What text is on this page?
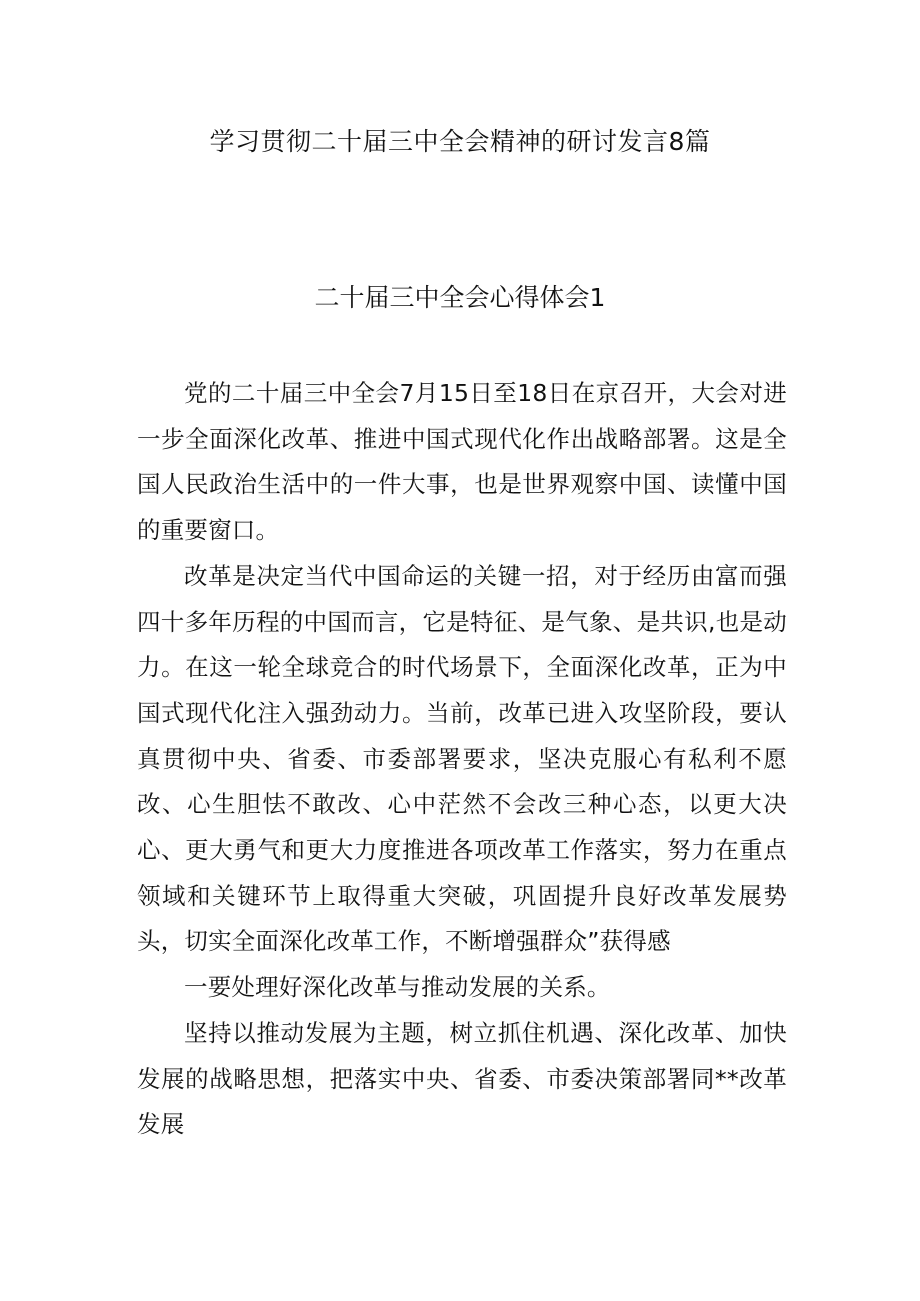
学习贯彻二十届三中全会精神的研讨发言8篇
二十届三中全会心得体会1

党的二十届三中全会7月15日至18日在京召开，大会对进一步全面深化改革、推进中国式现代化作出战略部署。这是全国人民政治生活中的一件大事，也是世界观察中国、读懂中国的重要窗口。

改革是决定当代中国命运的关键一招，对于经历由富而强四十多年历程的中国而言，它是特征、是气象、是共识,也是动力。在这一轮全球竞合的时代场景下，全面深化改革，正为中国式现代化注入强劲动力。当前，改革已进入攻坚阶段，要认真贯彻中央、省委、市委部署要求，坚决克服心有私利不愿改、心生胆怯不敢改、心中茫然不会改三种心态，以更大决心、更大勇气和更大力度推进各项改革工作落实，努力在重点领域和关键环节上取得重大突破，巩固提升良好改革发展势头，切实全面深化改革工作，不断增强群众”获得感

一要处理好深化改革与推动发展的关系。

坚持以推动发展为主题，树立抓住机遇、深化改革、加快发展的战略思想，把落实中央、省委、市委决策部署同**改革发展
